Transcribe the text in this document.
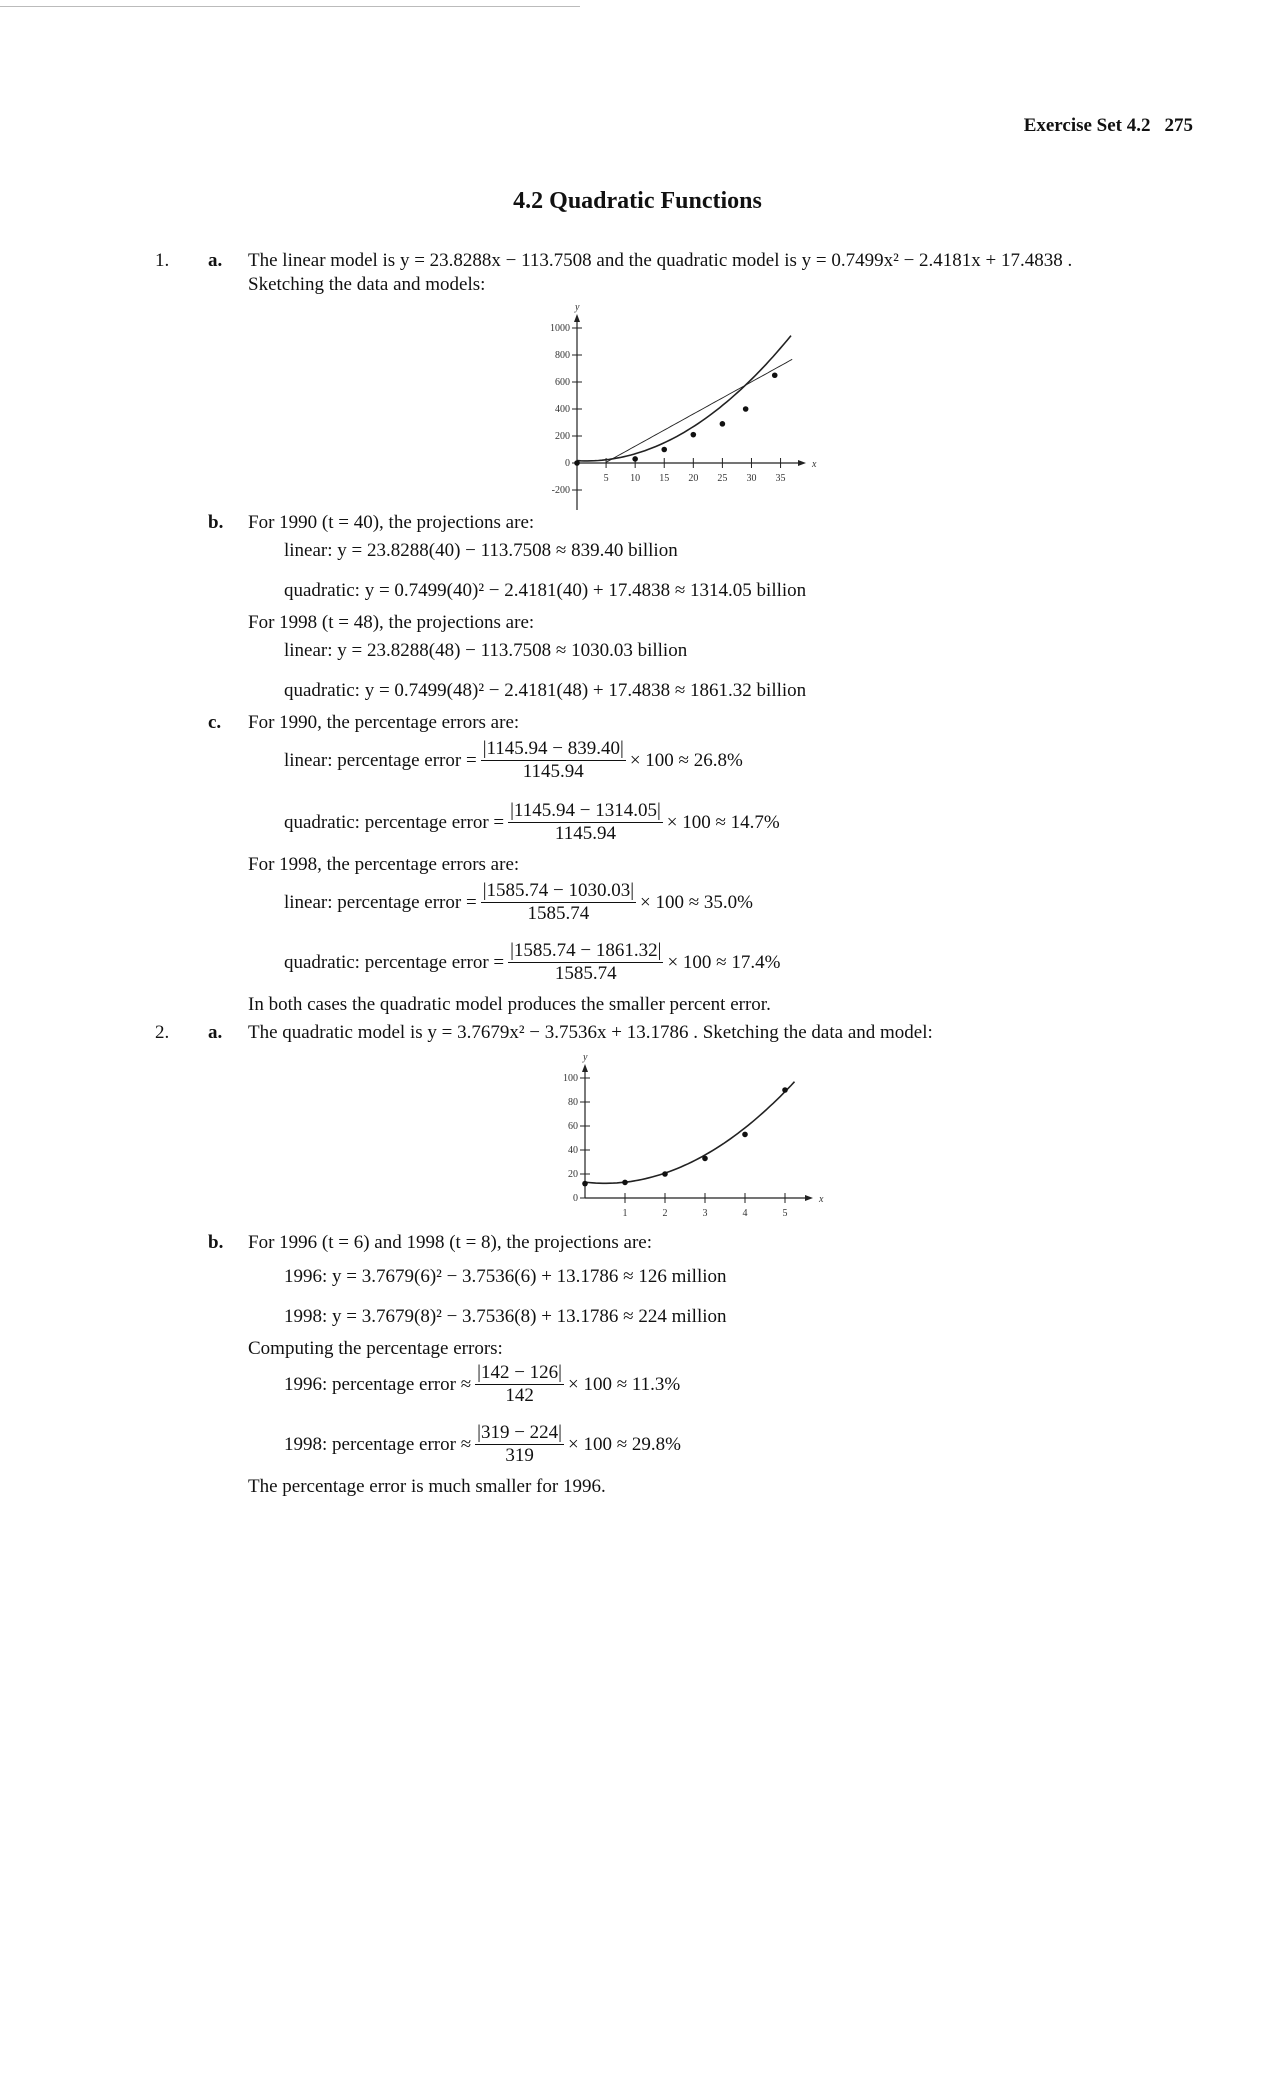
Exercise Set 4.2 275
4.2 Quadratic Functions
1. a. The linear model is y = 23.8288x − 113.7508 and the quadratic model is y = 0.7499x² − 2.4181x + 17.4838 .
Sketching the data and models:
x
y
5 10 15 20 25 30 35
1000
800
600
400
200
0
-200
b. For 1990 (t = 40), the projections are:
linear: y = 23.8288(40) − 113.7508 ≈ 839.40 billion
quadratic: y = 0.7499(40)² − 2.4181(40) + 17.4838 ≈ 1314.05 billion
For 1998 (t = 48), the projections are:
linear: y = 23.8288(48) − 113.7508 ≈ 1030.03 billion
quadratic: y = 0.7499(48)² − 2.4181(48) + 17.4838 ≈ 1861.32 billion
c. For 1990, the percentage errors are:
linear: percentage error = $\frac{|1145.94 - 839.40|}{1145.94} \times 100 \approx 26.8\%$
quadratic: percentage error = $\frac{|1145.94 - 1314.05|}{1145.94} \times 100 \approx 14.7\%$
For 1998, the percentage errors are:
linear: percentage error = $\frac{|1585.74 - 1030.03|}{1585.74} \times 100 \approx 35.0\%$
quadratic: percentage error = $\frac{|1585.74 - 1861.32|}{1585.74} \times 100 \approx 17.4\%$
In both cases the quadratic model produces the smaller percent error.
2. a. The quadratic model is y = 3.7679x² − 3.7536x + 13.1786 . Sketching the data and model:
x
y
1	2	3	4	5
100
80
60
40
20
0
b. For 1996 (t = 6) and 1998 (t = 8), the projections are:
1996: y = 3.7679(6)² − 3.7536(6) + 13.1786 ≈ 126 million
1998: y = 3.7679(8)² − 3.7536(8) + 13.1786 ≈ 224 million
Computing the percentage errors:
1996: percentage error ≈ $\frac{|142 - 126|}{142} \times 100 \approx 11.3\%$
1998: percentage error ≈ $\frac{|319 - 224|}{319} \times 100 \approx 29.8\%$
The percentage error is much smaller for 1996.
